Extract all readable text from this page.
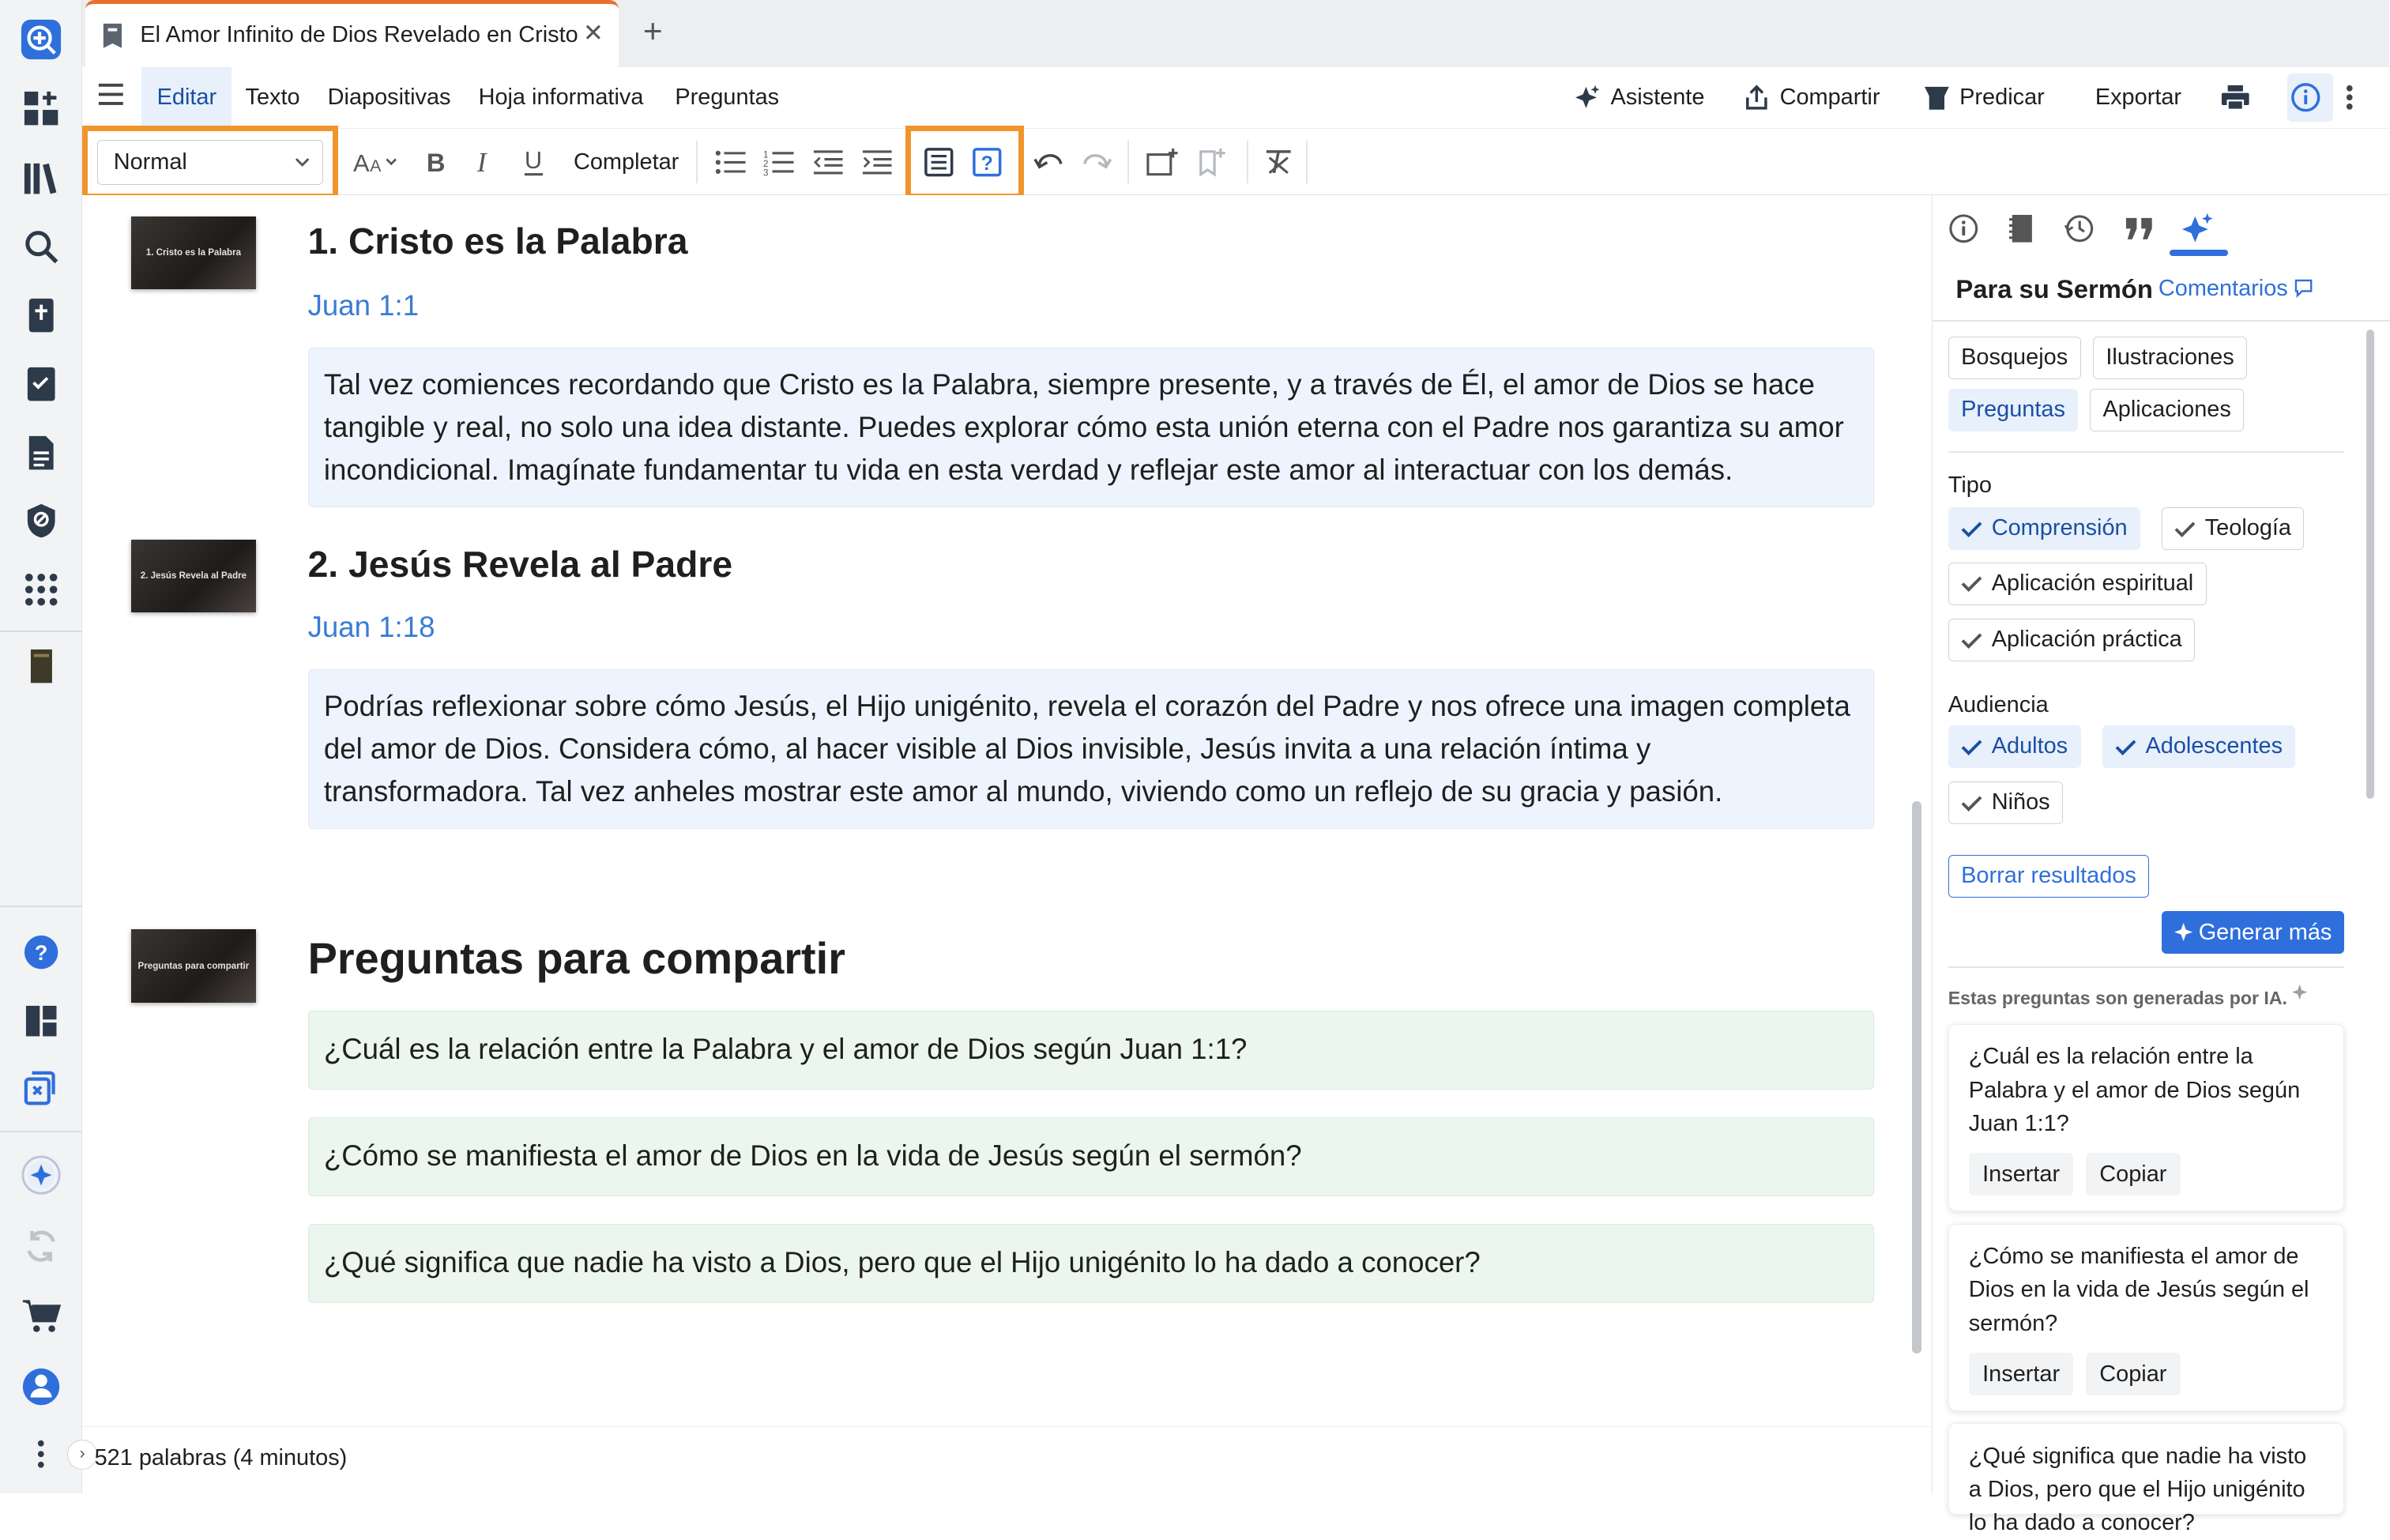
?
El Amor Infinito de Dios Revelado en Cristo ✕ +
Editar	Texto Diapositivas Hoja informativa	Preguntas	Asistente	Compartir	Predicar	Exportar
Normal	A A	B I	U	Completar	1
2
3	?
1. Cristo es la Palabra	1. Cristo es la Palabra
Juan 1:1
Tal vez comiences recordando que Cristo es la Palabra, siempre presente, y a través de Él, el amor de Dios se hace tangible y real, no solo una idea distante. Puedes explorar cómo esta unión eterna con el Padre nos garantiza su amor incondicional. Imagínate fundamentar tu vida en esta verdad y reflejar este amor al interactuar con los demás.
2. Jesús Revela al Padre	2. Jesús Revela al Padre
Juan 1:18
Podrías reflexionar sobre cómo Jesús, el Hijo unigénito, revela el corazón del Padre y nos ofrece una imagen completa del amor de Dios. Considera cómo, al hacer visible al Dios invisible, Jesús invita a una relación íntima y transformadora. Tal vez anheles mostrar este amor al mundo, viviendo como un reflejo de su gracia y pasión.
Preguntas para compartir	Preguntas para compartir
¿Cuál es la relación entre la Palabra y el amor de Dios según Juan 1:1?
¿Cómo se manifiesta el amor de Dios en la vida de Jesús según el sermón?
¿Qué significa que nadie ha visto a Dios, pero que el Hijo unigénito lo ha dado a conocer?
› 521 palabras (4 minutos)
Para su Sermón Comentarios
Bosquejos	Ilustraciones
Preguntas	Aplicaciones
Tipo
Comprensión	Teología
Aplicación espiritual
Aplicación práctica
Audiencia
Adultos	Adolescentes
Niños
Borrar resultados
Generar más
Estas preguntas son generadas por IA.
¿Cuál es la relación entre la Palabra y el amor de Dios según Juan 1:1?
Insertar	Copiar
¿Cómo se manifiesta el amor de Dios en la vida de Jesús según el sermón?
Insertar	Copiar
¿Qué significa que nadie ha visto a Dios, pero que el Hijo unigénito lo ha dado a conocer?
